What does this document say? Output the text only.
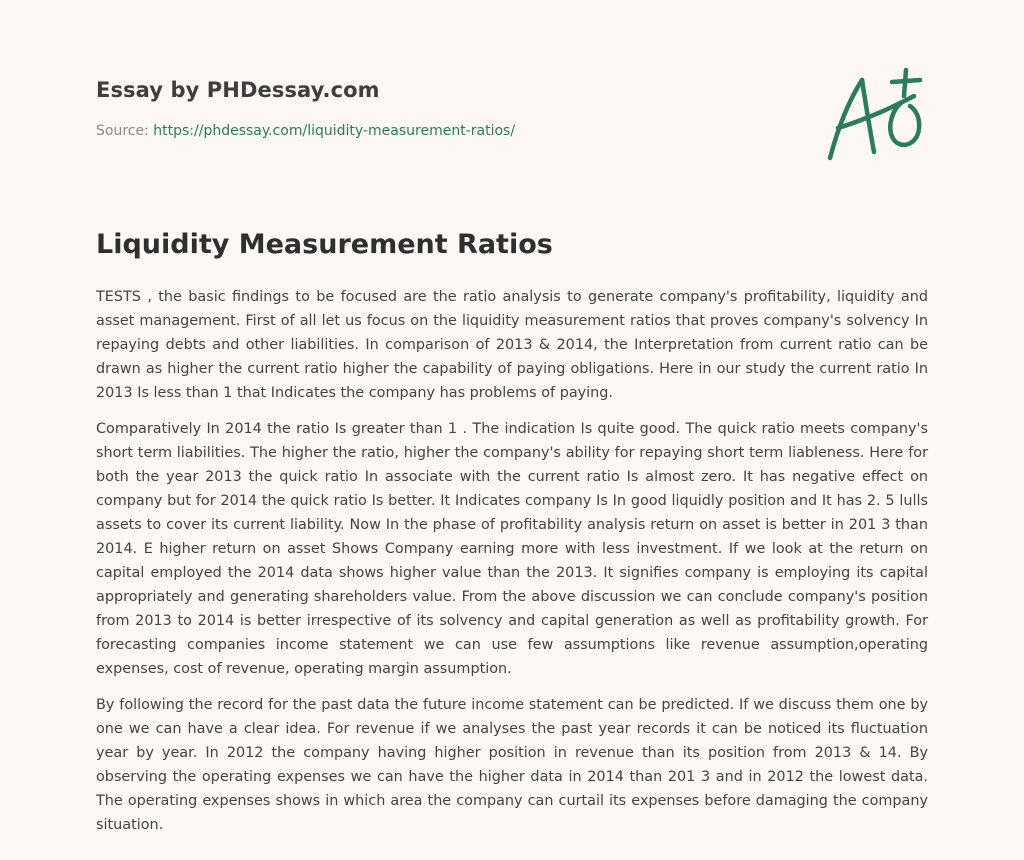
Essay by PHDessay.com
Source: https://phdessay.com/liquidity-measurement-ratios/
Liquidity Measurement Ratios

TESTS , the basic findings to be focused are the ratio analysis to generate company's profitability, liquidity and asset management. First of all let us focus on the liquidity measurement ratios that proves company's solvency In repaying debts and other liabilities. In comparison of 2013 & 2014, the Interpretation from current ratio can be drawn as higher the current ratio higher the capability of paying obligations. Here in our study the current ratio In 2013 Is less than 1 that Indicates the company has problems of paying.

Comparatively In 2014 the ratio Is greater than 1 . The indication Is quite good. The quick ratio meets company's short term liabilities. The higher the ratio, higher the company's ability for repaying short term liableness. Here for both the year 2013 the quick ratio In associate with the current ratio Is almost zero. It has negative effect on company but for 2014 the quick ratio Is better. It Indicates company Is In good liquidly position and It has 2. 5 lulls assets to cover its current liability. Now In the phase of profitability analysis return on asset is better in 201 3 than 2014. E higher return on asset Shows Company earning more with less investment. If we look at the return on capital employed the 2014 data shows higher value than the 2013. It signifies company is employing its capital appropriately and generating shareholders value. From the above discussion we can conclude company's position from 2013 to 2014 is better irrespective of its solvency and capital generation as well as profitability growth. For forecasting companies income statement we can use few assumptions like revenue assumption,operating expenses, cost of revenue, operating margin assumption.

By following the record for the past data the future income statement can be predicted. If we discuss them one by one we can have a clear idea. For revenue if we analyses the past year records it can be noticed its fluctuation year by year. In 2012 the company having higher position in revenue than its position from 2013 & 14. By observing the operating expenses we can have the higher data in 2014 than 201 3 and in 2012 the lowest data. The operating expenses shows in which area the company can curtail its expenses before damaging the company situation.
